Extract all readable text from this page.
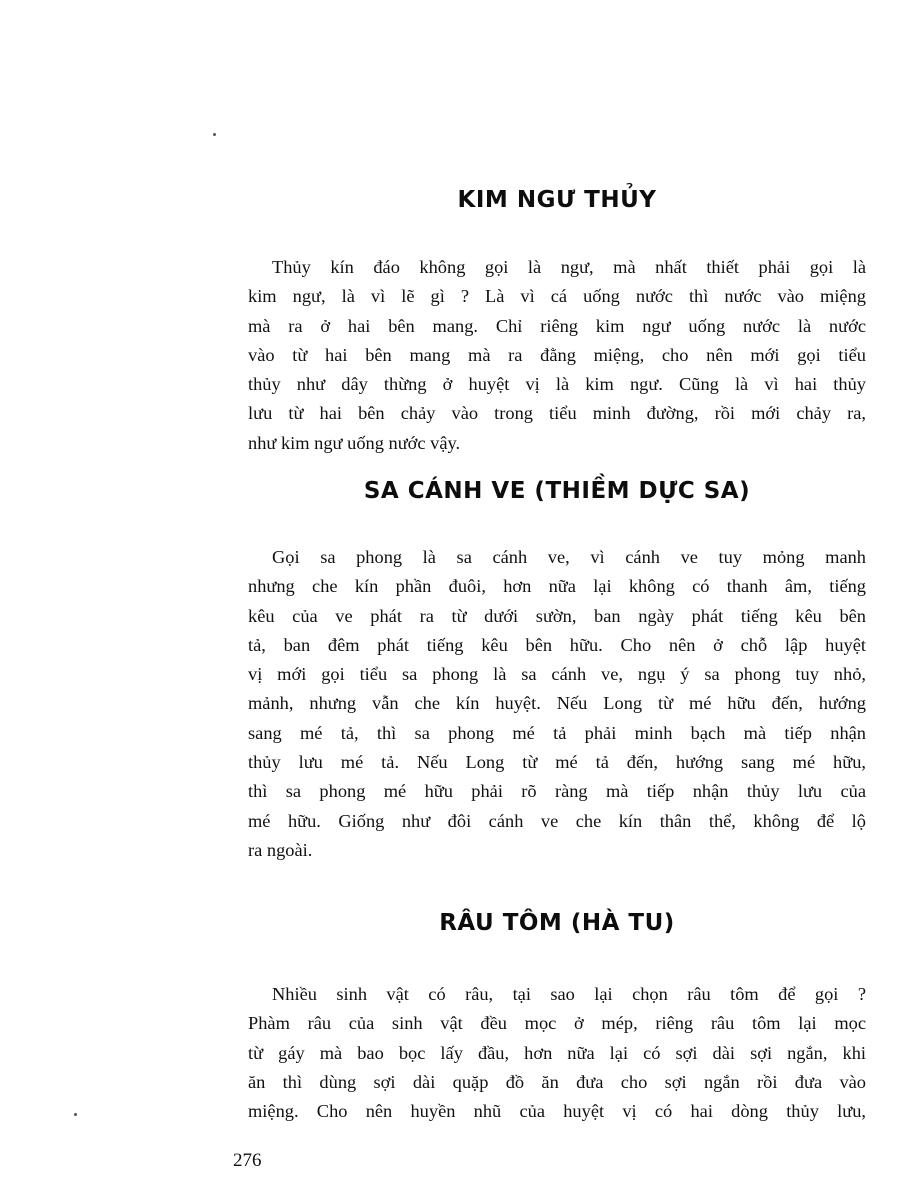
KIM NGƯ THỦY
Thủy kín đáo không gọi là ngư, mà nhất thiết phải gọi là
kim ngư, là vì lẽ gì ? Là vì cá uống nước thì nước vào miệng
mà ra ở hai bên mang. Chỉ riêng kim ngư uống nước là nước
vào từ hai bên mang mà ra đằng miệng, cho nên mới gọi tiểu
thủy như dây thừng ở huyệt vị là kim ngư. Cũng là vì hai thủy
lưu từ hai bên chảy vào trong tiểu minh đường, rồi mới chảy ra,
như kim ngư uống nước vậy.
SA CÁNH VE (THIỀM DỰC SA)
Gọi sa phong là sa cánh ve, vì cánh ve tuy mỏng manh
nhưng che kín phần đuôi, hơn nữa lại không có thanh âm, tiếng
kêu của ve phát ra từ dưới sườn, ban ngày phát tiếng kêu bên
tả, ban đêm phát tiếng kêu bên hữu. Cho nên ở chỗ lập huyệt
vị mới gọi tiểu sa phong là sa cánh ve, ngụ ý sa phong tuy nhỏ,
mảnh, nhưng vẫn che kín huyệt. Nếu Long từ mé hữu đến, hướng
sang mé tả, thì sa phong mé tả phải minh bạch mà tiếp nhận
thủy lưu mé tả. Nếu Long từ mé tả đến, hướng sang mé hữu,
thì sa phong mé hữu phải rõ ràng mà tiếp nhận thủy lưu của
mé hữu. Giống như đôi cánh ve che kín thân thể, không để lộ
ra ngoài.
RÂU TÔM (HÀ TU)
Nhiều sinh vật có râu, tại sao lại chọn râu tôm để gọi ?
Phàm râu của sinh vật đều mọc ở mép, riêng râu tôm lại mọc
từ gáy mà bao bọc lấy đầu, hơn nữa lại có sợi dài sợi ngắn, khi
ăn thì dùng sợi dài quặp đồ ăn đưa cho sợi ngắn rồi đưa vào
miệng. Cho nên huyền nhũ của huyệt vị có hai dòng thủy lưu,
276
